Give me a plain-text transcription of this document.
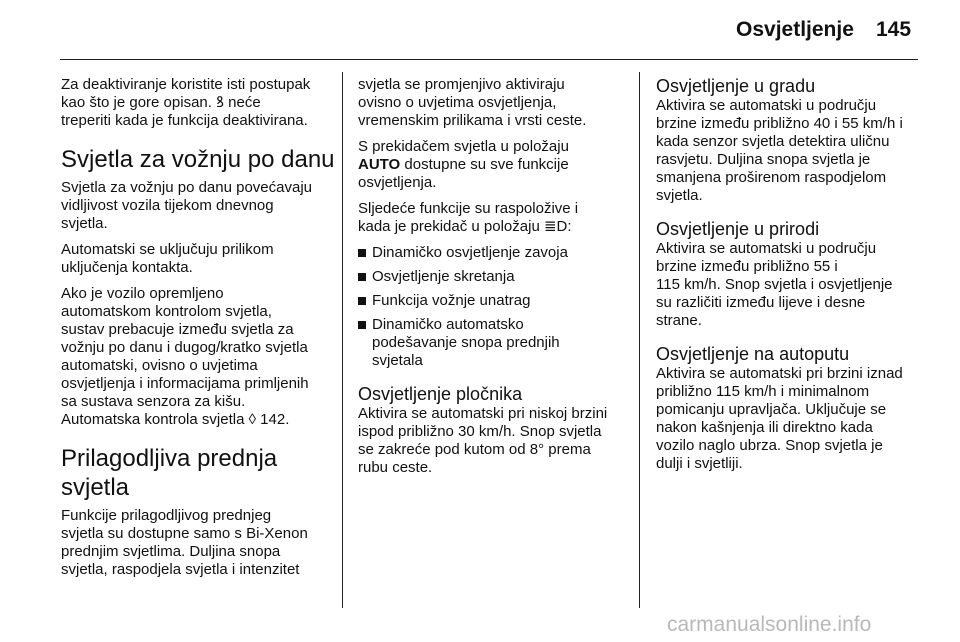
Osvjetljenje 145

Za deaktiviranje koristite isti postupak
kao što je gore opisan. ꝸ neće
treperiti kada je funkcija deaktivirana.

Svjetla za vožnju po danu

Svjetla za vožnju po danu povećavaju
vidljivost vozila tijekom dnevnog
svjetla.

Automatski se uključuju prilikom
uključenja kontakta.

Ako je vozilo opremljeno
automatskom kontrolom svjetla,
sustav prebacuje između svjetla za
vožnju po danu i dugog/kratko svjetla
automatski, ovisno o uvjetima
osvjetljenja i informacijama primljenih
sa sustava senzora za kišu.
Automatska kontrola svjetla ◊ 142.

Prilagodljiva prednja
svjetla

Funkcije prilagodljivog prednjeg
svjetla su dostupne samo s Bi-Xenon
prednjim svjetlima. Duljina snopa
svjetla, raspodjela svjetla i intenzitet

svjetla se promjenjivo aktiviraju
ovisno o uvjetima osvjetljenja,
vremenskim prilikama i vrsti ceste.

S prekidačem svjetla u položaju
AUTO dostupne su sve funkcije
osvjetljenja.

Sljedeće funkcije su raspoložive i
kada je prekidač u položaju ≣D:

Dinamičko osvjetljenje zavoja
Osvjetljenje skretanja
Funkcija vožnje unatrag
Dinamičko automatsko
podešavanje snopa prednjih
svjetala
Osvjetljenje pločnika

Aktivira se automatski pri niskoj brzini
ispod približno 30 km/h. Snop svjetla
se zakreće pod kutom od 8° prema
rubu ceste.

Osvjetljenje u gradu

Aktivira se automatski u području
brzine između približno 40 i 55 km/h i
kada senzor svjetla detektira uličnu
rasvjetu. Duljina snopa svjetla je
smanjena proširenom raspodjelom
svjetla.

Osvjetljenje u prirodi

Aktivira se automatski u području
brzine između približno 55 i
115 km/h. Snop svjetla i osvjetljenje
su različiti između lijeve i desne
strane.

Osvjetljenje na autoputu

Aktivira se automatski pri brzini iznad
približno 115 km/h i minimalnom
pomicanju upravljača. Uključuje se
nakon kašnjenja ili direktno kada
vozilo naglo ubrza. Snop svjetla je
dulji i svjetliji.

carmanualsonline.info
